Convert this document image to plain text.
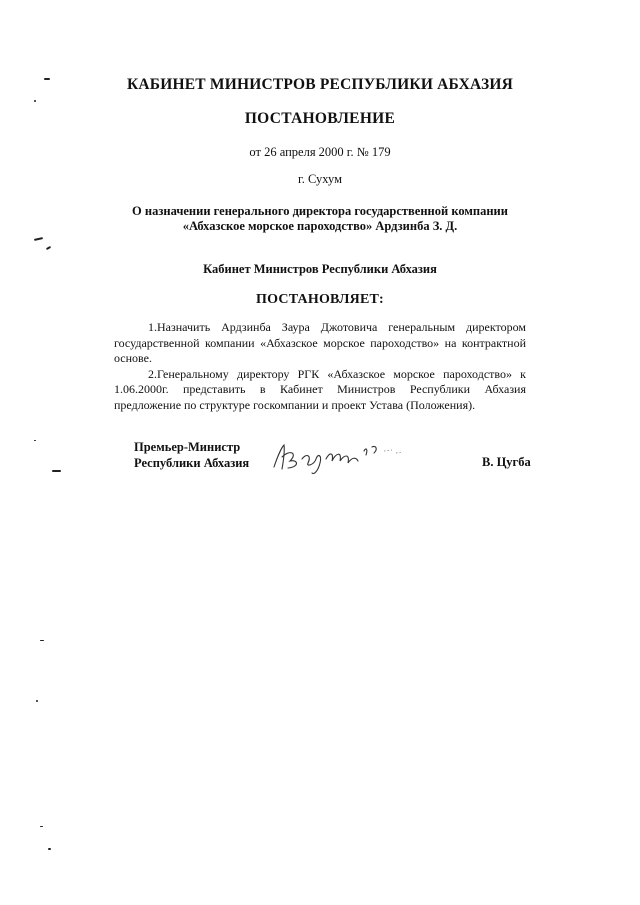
КАБИНЕТ МИНИСТРОВ РЕСПУБЛИКИ АБХАЗИЯ
ПОСТАНОВЛЕНИЕ
от 26 апреля 2000 г. № 179
г. Сухум
О назначении генерального директора государственной компании
«Абхазское морское пароходство» Ардзинба З. Д.
Кабинет Министров Республики Абхазия
ПОСТАНОВЛЯЕТ:

1.Назначить Ардзинба Заура Джотовича генеральным директором государственной компании «Абхазское морское пароходство» на контрактной основе.

2.Генеральному директору РГК «Абхазское морское пароходство» к 1.06.2000г. представить в Кабинет Министров Республики Абхазия предложение по структуре госкомпании и проект Устава (Положения).

Премьер-Министр
Республики Абхазия	В. Цугба
